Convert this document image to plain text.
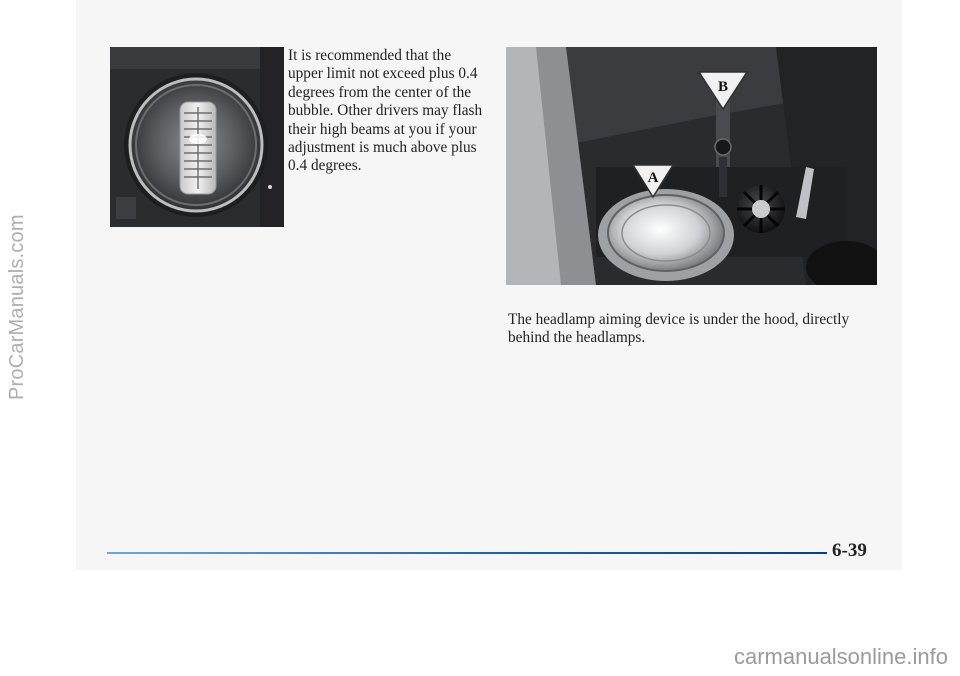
ProCarManuals.com

It is recommended that the upper limit not exceed plus 0.4 degrees from the center of the bubble. Other drivers may flash their high beams at you if your adjustment is much above plus 0.4 degrees.

B
A

The headlamp aiming device is under the hood, directly behind the headlamps.

6-39
carmanualsonline.info
